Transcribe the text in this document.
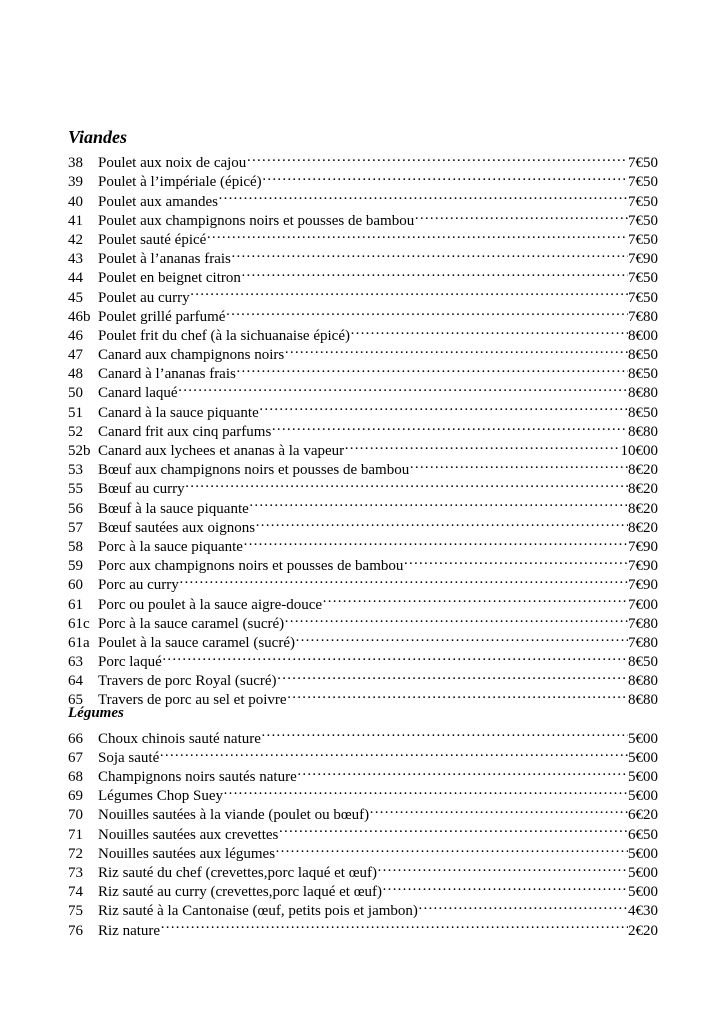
Viandes
38	Poulet aux noix de cajou …………………………………………………………………………………………………………………………………………	7€50
39	Poulet à l’impériale (épicé) …………………………………………………………………………………………………………………………………………	7€50
40	Poulet aux amandes …………………………………………………………………………………………………………………………………………	7€50
41	Poulet aux champignons noirs et pousses de bambou …………………………………………………………………………………………………………………………………………	7€50
42	Poulet sauté épicé …………………………………………………………………………………………………………………………………………	7€50
43	Poulet à l’ananas frais …………………………………………………………………………………………………………………………………………	7€90
44	Poulet en beignet citron …………………………………………………………………………………………………………………………………………	7€50
45	Poulet au curry …………………………………………………………………………………………………………………………………………	7€50
46b Poulet grillé parfumé …………………………………………………………………………………………………………………………………………	7€80
46	Poulet frit du chef (à la sichuanaise épicé) …………………………………………………………………………………………………………………………………………	8€00
47	Canard aux champignons noirs …………………………………………………………………………………………………………………………………………	8€50
48	Canard à l’ananas frais …………………………………………………………………………………………………………………………………………	8€50
50	Canard laqué …………………………………………………………………………………………………………………………………………	8€80
51	Canard à la sauce piquante …………………………………………………………………………………………………………………………………………	8€50
52	Canard frit aux cinq parfums …………………………………………………………………………………………………………………………………………	8€80
52b Canard aux lychees et ananas à la vapeur …………………………………………………………………………………………………………………………………………	10€00
53	Bœuf aux champignons noirs et pousses de bambou …………………………………………………………………………………………………………………………………………	8€20
55	Bœuf au curry …………………………………………………………………………………………………………………………………………	8€20
56	Bœuf à la sauce piquante …………………………………………………………………………………………………………………………………………	8€20
57	Bœuf sautées aux oignons …………………………………………………………………………………………………………………………………………	8€20
58	Porc à la sauce piquante …………………………………………………………………………………………………………………………………………	7€90
59	Porc aux champignons noirs et pousses de bambou …………………………………………………………………………………………………………………………………………	7€90
60	Porc au curry …………………………………………………………………………………………………………………………………………	7€90
61	Porc ou poulet à la sauce aigre-douce …………………………………………………………………………………………………………………………………………	7€00
61c Porc à la sauce caramel (sucré) …………………………………………………………………………………………………………………………………………	7€80
61a Poulet à la sauce caramel (sucré) …………………………………………………………………………………………………………………………………………	7€80
63	Porc laqué …………………………………………………………………………………………………………………………………………	8€50
64	Travers de porc Royal (sucré) …………………………………………………………………………………………………………………………………………	8€80
65	Travers de porc au sel et poivre …………………………………………………………………………………………………………………………………………	8€80
Légumes
66	Choux chinois sauté nature …………………………………………………………………………………………………………………………………………	5€00
67	Soja sauté …………………………………………………………………………………………………………………………………………	5€00
68	Champignons noirs sautés nature …………………………………………………………………………………………………………………………………………	5€00
69	Légumes Chop Suey …………………………………………………………………………………………………………………………………………	5€00
70	Nouilles sautées à la viande (poulet ou bœuf) …………………………………………………………………………………………………………………………………………	6€20
71	Nouilles sautées aux crevettes …………………………………………………………………………………………………………………………………………	6€50
72	Nouilles sautées aux légumes …………………………………………………………………………………………………………………………………………	5€00
73	Riz sauté du chef (crevettes,porc laqué et œuf) …………………………………………………………………………………………………………………………………………	5€00
74	Riz sauté au curry (crevettes,porc laqué et œuf) …………………………………………………………………………………………………………………………………………	5€00
75	Riz sauté à la Cantonaise (œuf, petits pois et jambon) …………………………………………………………………………………………………………………………………………	4€30
76	Riz nature …………………………………………………………………………………………………………………………………………	2€20
